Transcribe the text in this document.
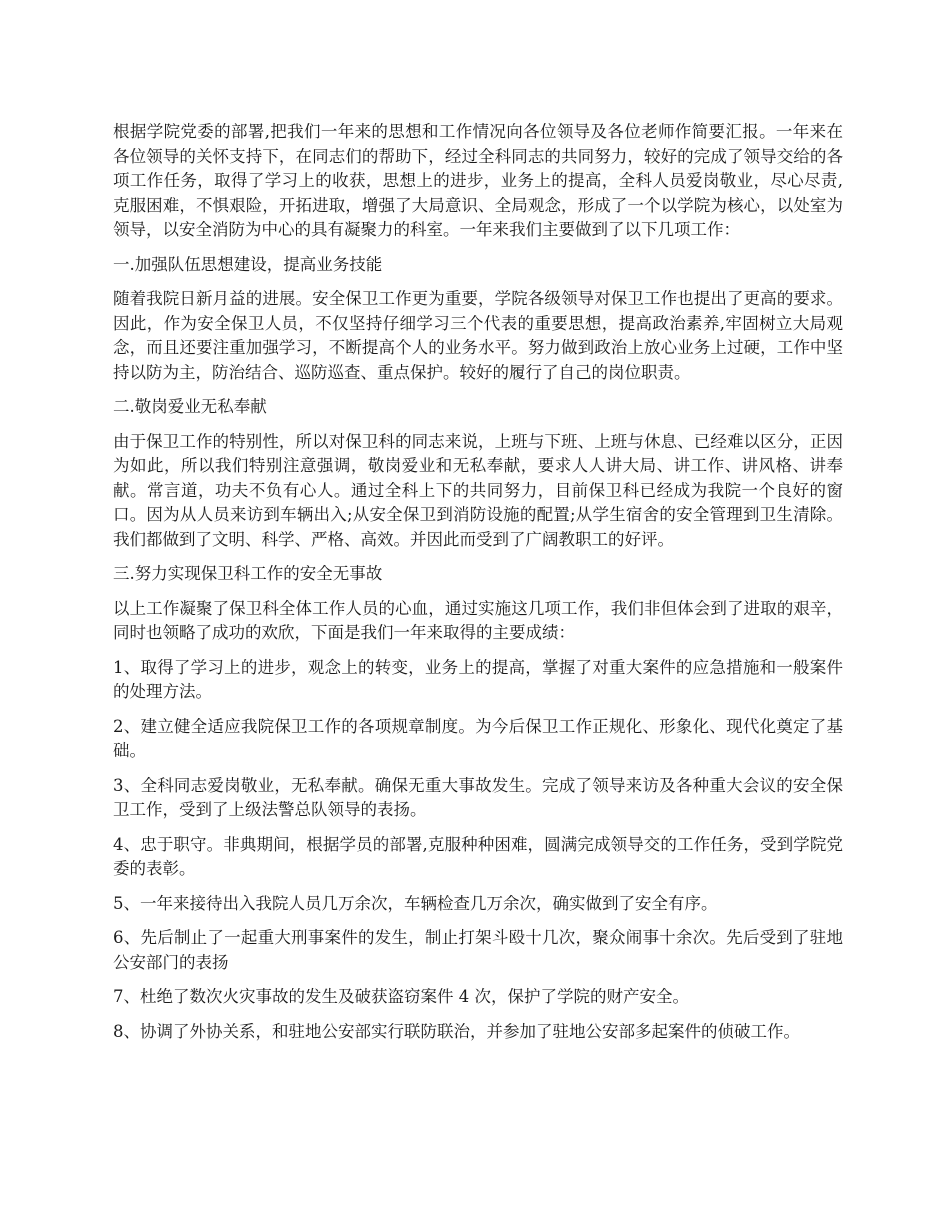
根据学院党委的部署,把我们一年来的思想和工作情况向各位领导及各位老师作简要汇报。一年来在各位领导的关怀支持下，在同志们的帮助下，经过全科同志的共同努力，较好的完成了领导交给的各项工作任务，取得了学习上的收获，思想上的进步，业务上的提高，全科人员爱岗敬业，尽心尽责,克服困难，不惧艰险，开拓进取，增强了大局意识、全局观念，形成了一个以学院为核心，以处室为领导，以安全消防为中心的具有凝聚力的科室。一年来我们主要做到了以下几项工作：

一.加强队伍思想建设，提高业务技能

随着我院日新月益的进展。安全保卫工作更为重要，学院各级领导对保卫工作也提出了更高的要求。因此，作为安全保卫人员，不仅坚持仔细学习三个代表的重要思想，提高政治素养,牢固树立大局观念，而且还要注重加强学习，不断提高个人的业务水平。努力做到政治上放心业务上过硬，工作中坚持以防为主，防治结合、巡防巡查、重点保护。较好的履行了自己的岗位职责。

二.敬岗爱业无私奉献

由于保卫工作的特别性，所以对保卫科的同志来说，上班与下班、上班与休息、已经难以区分，正因为如此，所以我们特别注意强调，敬岗爱业和无私奉献，要求人人讲大局、讲工作、讲风格、讲奉献。常言道，功夫不负有心人。通过全科上下的共同努力，目前保卫科已经成为我院一个良好的窗口。因为从人员来访到车辆出入;从安全保卫到消防设施的配置;从学生宿舍的安全管理到卫生清除。我们都做到了文明、科学、严格、高效。并因此而受到了广阔教职工的好评。

三.努力实现保卫科工作的安全无事故

以上工作凝聚了保卫科全体工作人员的心血，通过实施这几项工作，我们非但体会到了进取的艰辛，同时也领略了成功的欢欣，下面是我们一年来取得的主要成绩：

1、取得了学习上的进步，观念上的转变，业务上的提高，掌握了对重大案件的应急措施和一般案件的处理方法。

2、建立健全适应我院保卫工作的各项规章制度。为今后保卫工作正规化、形象化、现代化奠定了基础。

3、全科同志爱岗敬业，无私奉献。确保无重大事故发生。完成了领导来访及各种重大会议的安全保卫工作，受到了上级法警总队领导的表扬。

4、忠于职守。非典期间，根据学员的部署,克服种种困难，圆满完成领导交的工作任务，受到学院党委的表彰。

5、一年来接待出入我院人员几万余次，车辆检查几万余次，确实做到了安全有序。

6、先后制止了一起重大刑事案件的发生，制止打架斗殴十几次，聚众闹事十余次。先后受到了驻地公安部门的表扬

7、杜绝了数次火灾事故的发生及破获盗窃案件 4 次，保护了学院的财产安全。

8、协调了外协关系，和驻地公安部实行联防联治，并参加了驻地公安部多起案件的侦破工作。
